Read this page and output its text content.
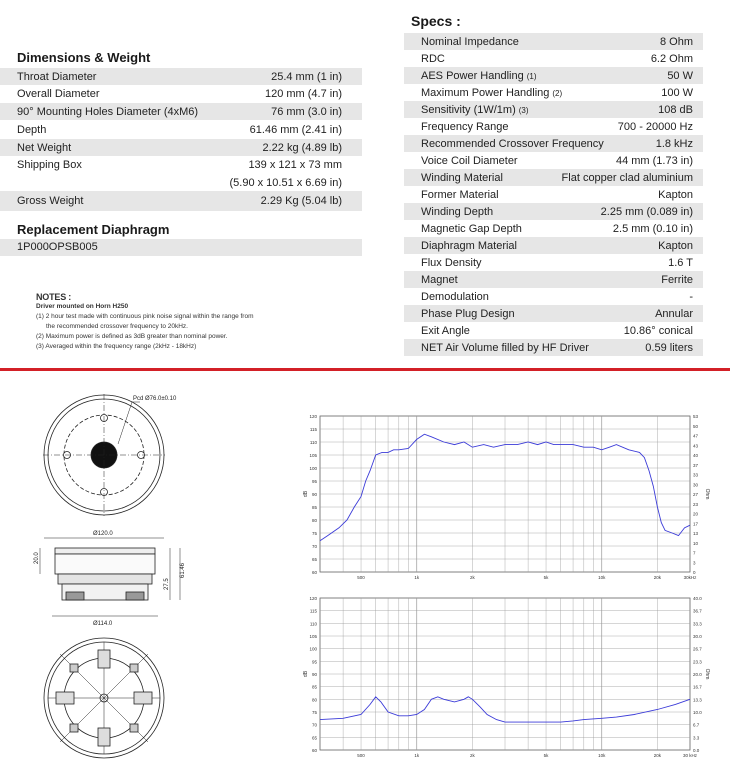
Dimensions & Weight
Throat Diameter	25.4 mm (1 in)
Overall Diameter	120 mm (4.7 in)
90° Mounting Holes Diameter (4xM6)	76 mm (3.0 in)
Depth	61.46 mm (2.41 in)
Net Weight	2.22 kg (4.89 lb)
Shipping Box	139 x 121 x 73 mm
(5.90 x 10.51 x 6.69 in)
Gross Weight	2.29 Kg (5.04 lb)
Replacement Diaphragm
1P000OPSB005
NOTES :
Driver mounted on Horn H250
(1) 2 hour test made with continuous pink noise signal within the range from
the recommended crossover frequency to 20kHz.
(2) Maximum power is defined as 3dB greater than nominal power.
(3) Averaged within the frequency range (2kHz - 18kHz)
Specs :
Nominal Impedance	8 Ohm
RDC	6.2 Ohm
AES Power Handling (1)	50 W
Maximum Power Handling (2)	100 W
Sensitivity (1W/1m) (3)	108 dB
Frequency Range	700 - 20000 Hz
Recommended Crossover Frequency	1.8 kHz
Voice Coil Diameter	44 mm (1.73 in)
Winding Material	Flat copper clad aluminium
Former Material	Kapton
Winding Depth	2.25 mm (0.089 in)
Magnetic Gap Depth	2.5 mm (0.10 in)
Diaphragm Material	Kapton
Flux Density	1.6 T
Magnet	Ferrite
Demodulation	-
Phase Plug Design	Annular
Exit Angle	10.86° conical
NET Air Volume filled by HF Driver	0.59 liters
Pcd Ø76.0±0.10
Ø120.0
Ø114.0
20.0
61.46
27.5
60
65
70
75
80
85
90
95
100
105
110
115
120
0
3
7
10
13
17
20
23
27
30
33
37
40
43
47
50
53
500	1k	2k	5k	10k	20k	30kHz
dB	Ohm
60
65
70
75
80
85
90
95
100
105
110
115
120
0.0
3.3
6.7
10.0
13.3
16.7
20.0
23.3
26.7
30.0
33.3
36.7
40.0
500	1k	2k	5k	10k	20k	30 kHz
dB	Ohm
